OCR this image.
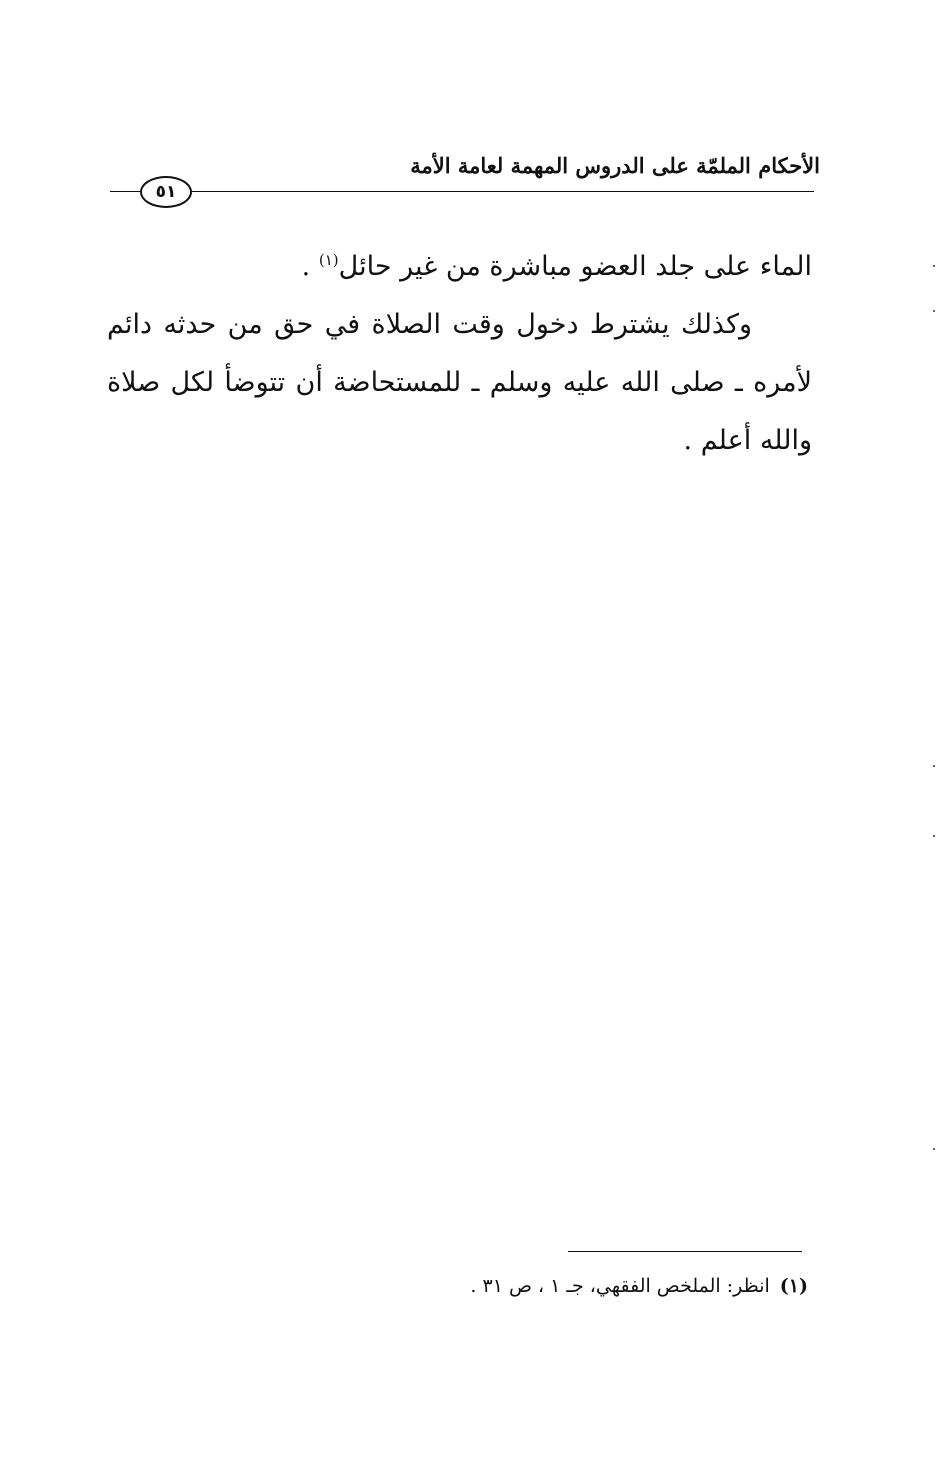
الأحكام الملمّة على الدروس المهمة لعامة الأمة
٥١

الماء على جلد العضو مباشرة من غير حائل$^{(١)}$ .

وكذلك يشترط دخول وقت الصلاة في حق من حدثه دائم لأمره ـ صلى الله عليه وسلم ـ للمستحاضة أن تتوضأ لكل صلاة والله أعلم .

(١)انظر: الملخص الفقهي، جـ ١ ، ص ٣١ .
